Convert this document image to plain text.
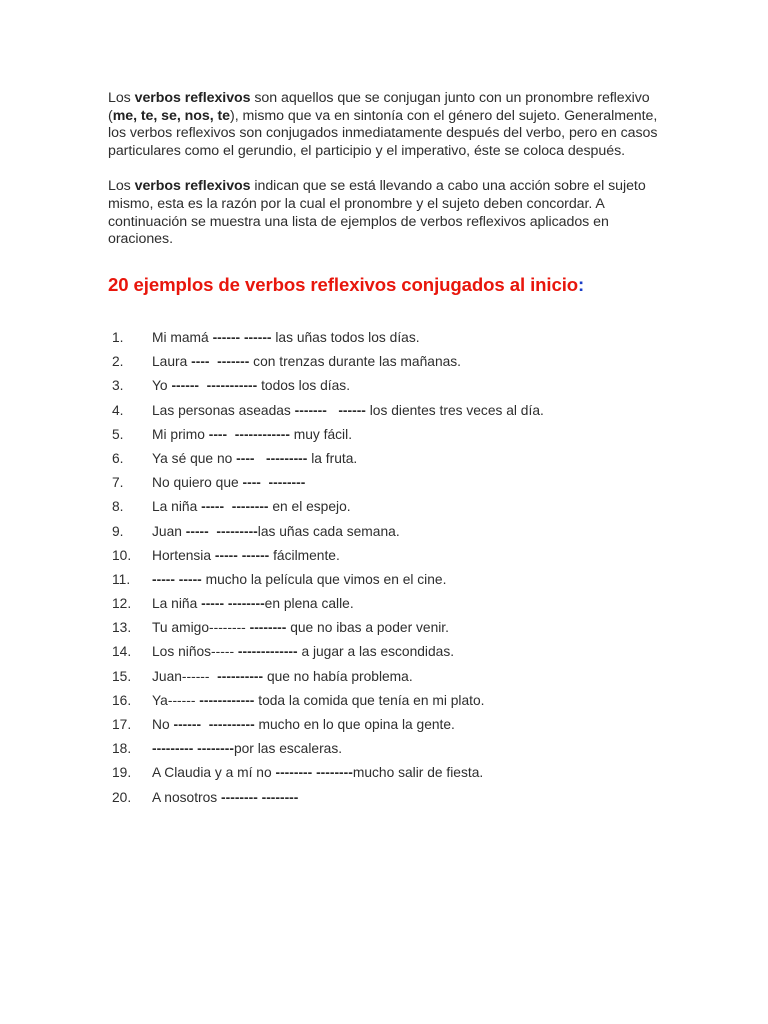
Los verbos reflexivos son aquellos que se conjugan junto con un pronombre reflexivo (me, te, se, nos, te), mismo que va en sintonía con el género del sujeto. Generalmente, los verbos reflexivos son conjugados inmediatamente después del verbo, pero en casos particulares como el gerundio, el participio y el imperativo, éste se coloca después.

Los verbos reflexivos indican que se está llevando a cabo una acción sobre el sujeto mismo, esta es la razón por la cual el pronombre y el sujeto deben concordar. A continuación se muestra una lista de ejemplos de verbos reflexivos aplicados en oraciones.

20 ejemplos de verbos reflexivos conjugados al inicio:
1.	Mi mamá ------ ------ las uñas todos los días.
2.	Laura ----  ------- con trenzas durante las mañanas.
3.	Yo ------  ----------- todos los días.
4.	Las personas aseadas -------   ------ los dientes tres veces al día.
5.	Mi primo ----  ------------ muy fácil.
6.	Ya sé que no ----   --------- la fruta.
7.	No quiero que ----  --------
8.	La niña -----  -------- en el espejo.
9.	Juan -----  ---------las uñas cada semana.
10.	Hortensia ----- ------ fácilmente.
11.	----- ----- mucho la película que vimos en el cine.
12.	La niña ----- --------en plena calle.
13.	Tu amigo-------- -------- que no ibas a poder venir.
14.	Los niños----- ------------- a jugar a las escondidas.
15.	Juan------  ---------- que no había problema.
16.	Ya------ ------------ toda la comida que tenía en mi plato.
17.	No ------  ---------- mucho en lo que opina la gente.
18.	--------- --------por las escaleras.
19.	A Claudia y a mí no -------- --------mucho salir de fiesta.
20.	A nosotros -------- --------
